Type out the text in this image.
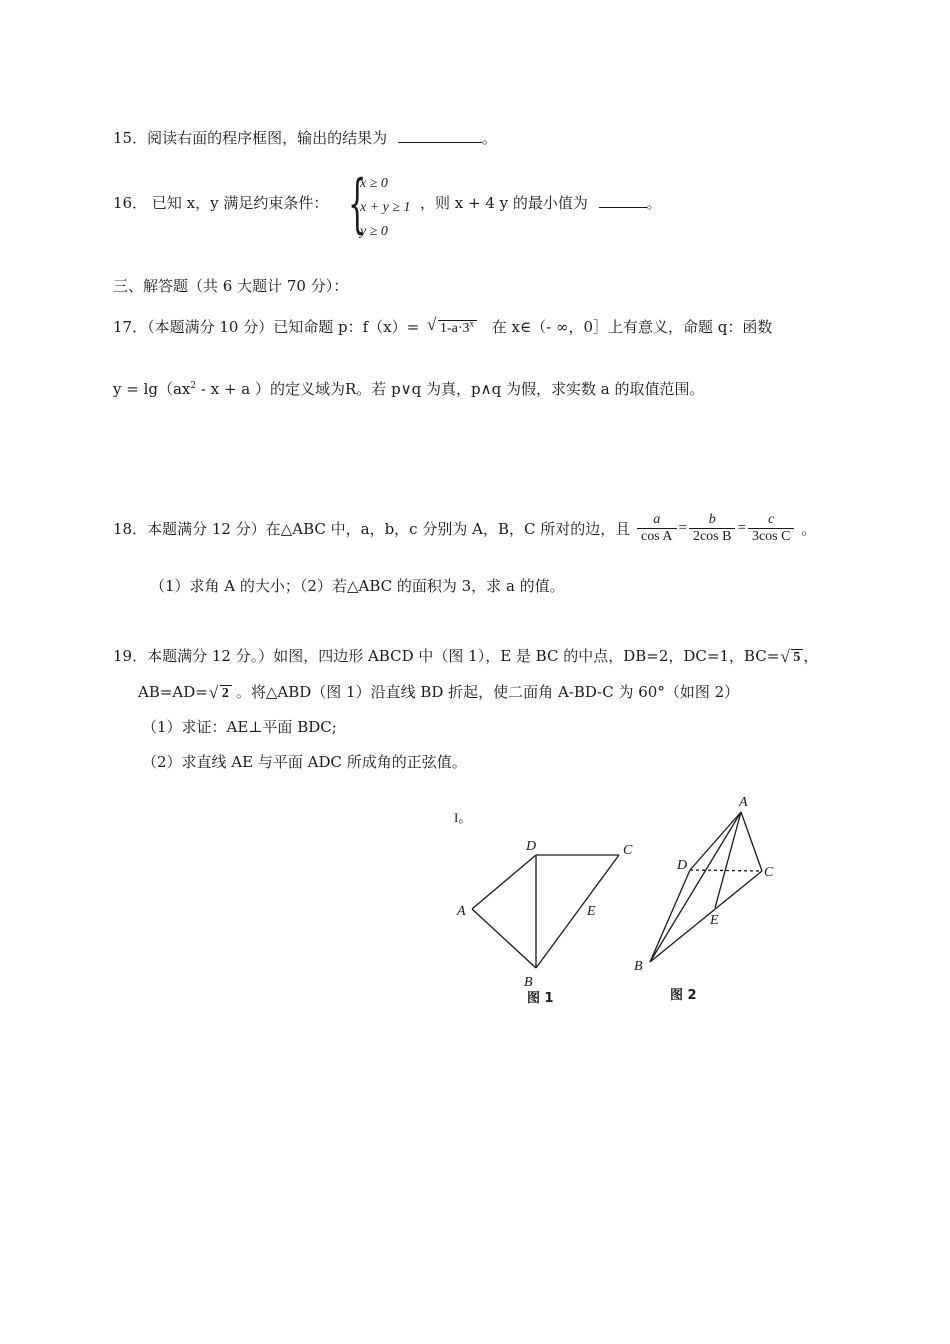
15．阅读右面的程序框图，输出的结果为	。
16． 已知 x，y 满足约束条件： {
x ≥ 0
x + y ≥ 1
y ≥ 0
，则 x + 4 y 的最小值为	。
三、解答题（共 6 大题计 70 分）：
17．（本题满分 10 分）已知命题 p：f（x）= √ $1-a\cdot 3^x$ 在 x∈（- ∞，0］上有意义，命题 q：函数
$y = \lg(ax^2 - x + a$ ）的定义域为R。若 p∨q 为真，p∧q 为假，求实数 a 的取值范围。
18．本题满分 12 分）在△ABC 中，a，b，c 分别为 A，B，C 所对的边，且 $\frac{a}{\text{cos A}} = \frac{b}{\text{2cos B}} = \frac{c}{\text{3cos C}}$ 。
（1）求角 A 的大小；（2）若△ABC 的面积为 3，求 a 的值。
19．本题满分 12 分。）如图，四边形 ABCD 中（图 1），E 是 BC 的中点，DB=2，DC=1，BC= √ 5 ，
AB=AD= √ 2 。将△ABD（图 1）沿直线 BD 折起，使二面角 A-BD-C 为 60°（如图 2）
（1）求证：AE⊥平面 BDC;
（2）求直线 AE 与平面 ADC 所成角的正弦值。
I。
A
B
C
D
E
图 1
A
B
C
D
E
图 2
